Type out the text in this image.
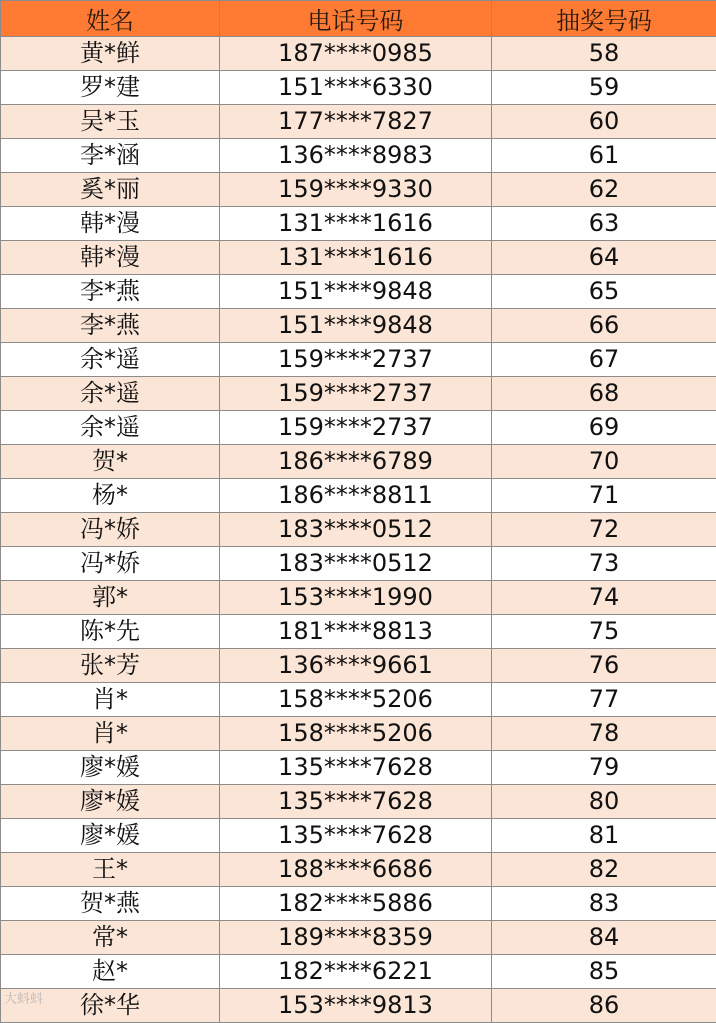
姓名	电话号码	抽奖号码
黄*鲜	187****0985	58
罗*建	151****6330	59
吴*玉	177****7827	60
李*涵	136****8983	61
奚*丽	159****9330	62
韩*漫	131****1616	63
韩*漫	131****1616	64
李*燕	151****9848	65
李*燕	151****9848	66
余*遥	159****2737	67
余*遥	159****2737	68
余*遥	159****2737	69
贺*	186****6789	70
杨*	186****8811	71
冯*娇	183****0512	72
冯*娇	183****0512	73
郭*	153****1990	74
陈*先	181****8813	75
张*芳	136****9661	76
肖*	158****5206	77
肖*	158****5206	78
廖*媛	135****7628	79
廖*媛	135****7628	80
廖*媛	135****7628	81
王*	188****6686	82
贺*燕	182****5886	83
常*	189****8359	84
赵*	182****6221	85
徐*华	153****9813	86
大蚪蚪
